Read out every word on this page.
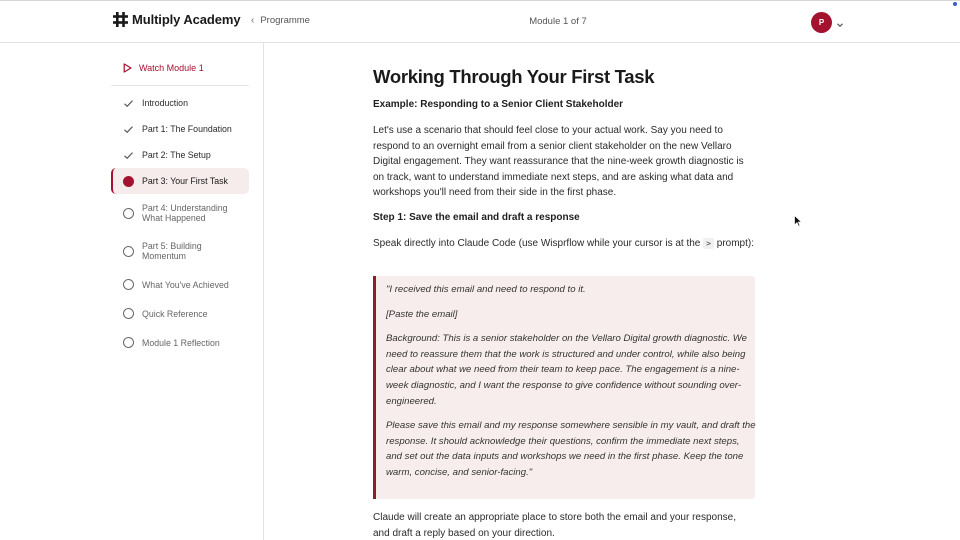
Multiply Academy ‹ Programme	Module 1 of 7	P
Watch Module 1
Introduction
Part 1: The Foundation
Part 2: The Setup
Part 3: Your First Task
Part 4: Understanding What Happened
Part 5: Building Momentum
What You've Achieved
Quick Reference
Module 1 Reflection
Working Through Your First Task
Example: Responding to a Senior Client Stakeholder
Let's use a scenario that should feel close to your actual work. Say you need to respond to an overnight email from a senior client stakeholder on the new Vellaro Digital engagement. They want reassurance that the nine-week growth diagnostic is on track, want to understand immediate next steps, and are asking what data and workshops you'll need from their side in the first phase.
Step 1: Save the email and draft a response
Speak directly into Claude Code (use Wisprflow while your cursor is at the > prompt):
"I received this email and need to respond to it.
[Paste the email]
Background: This is a senior stakeholder on the Vellaro Digital growth diagnostic. We need to reassure them that the work is structured and under control, while also being clear about what we need from their team to keep pace. The engagement is a nine-week diagnostic, and I want the response to give confidence without sounding over-engineered.
Please save this email and my response somewhere sensible in my vault, and draft the response. It should acknowledge their questions, confirm the immediate next steps, and set out the data inputs and workshops we need in the first phase. Keep the tone warm, concise, and senior-facing."
Claude will create an appropriate place to store both the email and your response, and draft a reply based on your direction.
